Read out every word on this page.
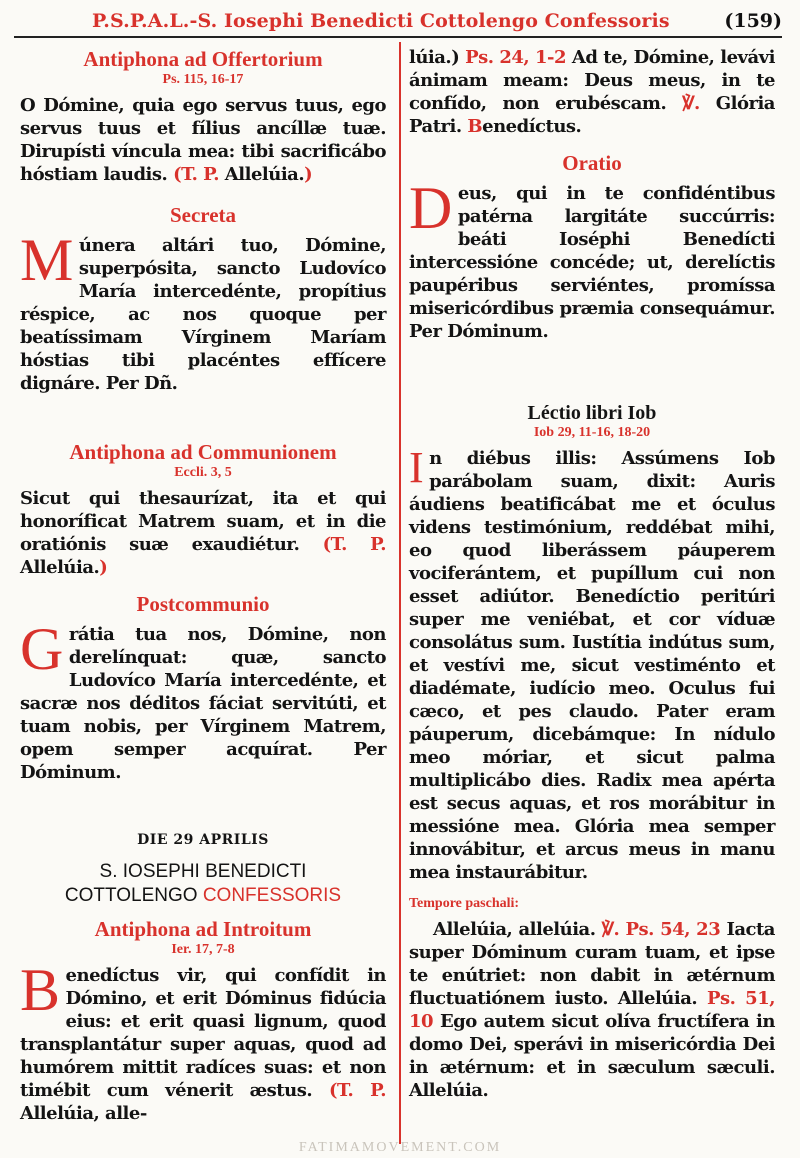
P.S.P.A.L.-S. Iosephi Benedicti Cottolengo Confessoris	(159)
Antiphona ad Offertorium
Ps. 115, 16-17
O Dómine, quia ego servus tuus, ego servus tuus et fílius ancíllæ tuæ. Dirupísti víncula mea: tibi sacrificábo hóstiam laudis. (T. P. Allelúia.)
Secreta
Múnera altári tuo, Dómine, superpósita, sancto Ludovíco María intercedénte, propítius réspice, ac nos quoque per beatíssimam Vírginem Maríam hóstias tibi placéntes effícere dignáre. Per Dñ.
Antiphona ad Communionem
Eccli. 3, 5
Sicut qui thesaurízat, ita et qui honoríficat Matrem suam, et in die oratiónis suæ exaudiétur. (T. P. Allelúia.)
Postcommunio
Grátia tua nos, Dómine, non derelínquat: quæ, sancto Ludovíco María intercedénte, et sacræ nos déditos fáciat servitúti, et tuam nobis, per Vírginem Matrem, opem semper acquírat. Per Dóminum.
DIE 29 APRILIS
S. IOSEPHI BENEDICTI
COTTOLENGO CONFESSORIS
Antiphona ad Introitum
Ier. 17, 7-8
Benedíctus vir, qui confídit in Dómino, et erit Dóminus fidúcia eius: et erit quasi lignum, quod transplantátur super aquas, quod ad humórem mittit radíces suas: et non timébit cum vénerit æstus. (T. P. Allelúia, alle-
lúia.) Ps. 24, 1-2 Ad te, Dómine, levávi ánimam meam: Deus meus, in te confído, non erubéscam. ℣. Glória Patri. Benedíctus.
Oratio
Deus, qui in te confidéntibus patérna largitáte succúrris: beáti Ioséphi Benedícti intercessióne concéde; ut, derelíctis paupéribus serviéntes, promíssa misericórdibus præmia consequámur. Per Dóminum.
Léctio libri Iob
Iob 29, 11-16, 18-20
In diébus illis: Assúmens Iob parábolam suam, dixit: Auris áudiens beatificábat me et óculus videns testimónium, reddébat mihi, eo quod liberássem páuperem vociferántem, et pupíllum cui non esset adiútor. Benedíctio peritúri super me veniébat, et cor víduæ consolátus sum. Iustítia indútus sum, et vestívi me, sicut vestiménto et diadémate, iudício meo. Oculus fui cæco, et pes claudo. Pater eram páuperum, dicebámque: In nídulo meo móriar, et sicut palma multiplicábo dies. Radix mea apérta est secus aquas, et ros morábitur in messióne mea. Glória mea semper innovábitur, et arcus meus in manu mea instaurábitur.
Tempore paschali:
Allelúia, allelúia. ℣. Ps. 54, 23 Iacta super Dóminum curam tuam, et ipse te enútriet: non dabit in ætérnum fluctuatiónem iusto. Allelúia. Ps. 51, 10 Ego autem sicut olíva fructífera in domo Dei, sperávi in misericórdia Dei in ætérnum: et in sæculum sæculi. Allelúia.
FATIMAMOVEMENT.COM
